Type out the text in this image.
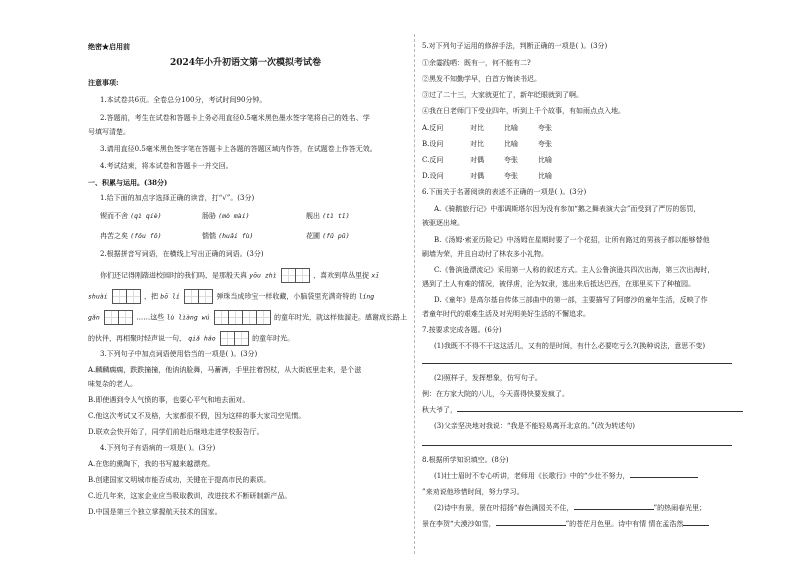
绝密★启用前
2024年小升初语文第一次模拟考试卷
注意事项:
1.本试卷共6页。全卷总分100分，考试时间90分钟。
2.答题前，考生在试卷和答题卡上务必用直径0.5毫米黑色墨水签字笔将自己的姓名、学
号填写清楚。
3.请用直径0.5毫米黑色签字笔在答题卡上各题的答题区域内作答，在试题卷上作答无效。
4.考试结束，将本试卷和答题卡一并交回。
一、积累与运用。(38分)
1.给下面的加点字选择正确的读音，打“√”。(3分)
锲而不舍 (qì qiè)	肠胁 (mò mài)	舰出 (tì tī)
冉苦之矣 (fǒu fǒ)	惴惴 (huǎi fù)	花圃 (fǔ pǔ)
2.根据拼音写词语，在横线上写出正确的词语。(3分)
你们还记得刚踏进校园时的我们吗，是那般天真 yōu zhì	，喜欢到草丛里捉 xī
shuài	，把 bō lí	弹珠当成珍宝一样收藏，小脑袋里充满奇特的 líng
gǎn	……这些 lù lìàng wú	的童年时光，就这样他溜走。感谢成长路上
的伙伴，再相聚时轻声说一句， qiǎ háo	的童年时光。
3.下列句子中加点词语使用恰当的一项是( )。(3分)
A.麟麟瘸瘸，跌跌撞撞，他讷讷脸舞，马蓄裤，手里拄着拐杖，从大街底里走来，是个滋
味复杂的老人。
B.即使遇到令人气愤的事，也要心平气和地去面对。
C.他这次考试又不及格，大家都很不假，因为这样的事大家司空见惯。
D.联欢会快开始了，同学们前赴后继地走进学校报告厅。
4.下列句子有语病的一项是( )。(3分)
A.在您的熏陶下，我的书写越来越漂亮。
B.创建国家文明城市能否成功，关键在于提高市民的素质。
C.近几年来，这家企业应当吸取教训，改进技术不断研制新产品。
D.中国是第三个独立掌握航天技术的国家。
5.对下列句子运用的修辞手法，判断正确的一项是( )。(3分)
①余霎践哂：既有一，何不能有二?
②黑发不知勤学早，白首方悔读书迟。
③过了二十三，大家就更忙了，新年眨眼就到了啊。
④我在日老师门下受业四年，听到上千个故事，有如雨点点入地。
A.反问	对比	比喻	夸张
B.设问	对比	比喻	夸张
C.反问	对偶	夸张	比喻
D.设问	对偶	夸张	比喻
6.下面关于名著阅读的表述不正确的一项是( )。(3分)
A.《骑鹅旅行记》中那调斯塔尔因为没有参加“鹅之舞表演大会”而受到了严厉的惩罚，
被驱逐出境。
B.《汤姆·索亚历险记》中汤姆在星期时要了一个花招，让所有路过的男孩子都以能够替他
刷墙为荣，并且自动付了林农多小礼物。
C.《鲁滨逊漂流记》采用第一人称的叙述方式。主人公鲁滨逊共四次出海，第三次出海时，
遇到了土人有难的情况，被俘虏，沦为奴隶，逃出来后抵达巴西，在那里买下了种植园。
D.《童年》是高尔基自传体三部曲中的第一部，主要描写了阿廖沙的童年生活，反映了作
者童年时代的艰难生活及对光明美好生活的不懈追求。
7.按要求完成各题。(6分)
(1)我既不不得不干这这活儿，又有的是时间，有什么必要吃亏么?(换种说法，意思不变)
(2)照样子，发挥想象，仿写句子。
例：在方家大院的八儿，今天喜得快要发疯了。
秋大爷了，
(3)父亲坚决地对我说：“我是不能轻易离开北京的。”(改为转述句)
8.根据所学知识填空。(8分)
(1)壮士眉时不专心听讲，老师用《长歌行》中的“少壮不努力，
”来劝说他珍惜时间，努力学习。
(2)诗中有景，景在叶招扬“春色满园关不住，	”的热闹春光里；
景在李贺“大漠沙如雪，	”的苍茫月色里。诗中有情 情在孟浩然
